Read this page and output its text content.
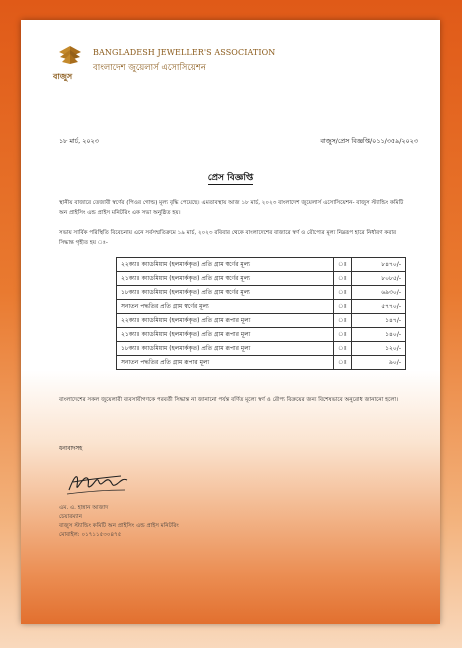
বাজুস
BANGLADESH JEWELLER'S ASSOCIATION
বাংলাদেশ জুয়েলার্স এসোসিয়েশন
১৮ মার্চ, ২০২৩	বাজুস/প্রেস বিজ্ঞপ্তি/০১১/৩৫৯/২০২৩
প্রেস বিজ্ঞপ্তি

স্থানীয় বাজারে তেজাবী স্বর্ণের (পিওর গোল্ড) মূল্য বৃদ্ধি পেয়েছে। এমতাবস্থায় আজ ১৮ মার্চ, ২০২৩ বাংলাদেশ জুয়েলার্স এসোসিয়েশন- বাজুস স্ট্যান্ডিং কমিটি অন প্রাইসিং এন্ড প্রাইস মনিটরিং এক সভা অনুষ্ঠিত হয়।

সভায় সার্বিক পরিস্থিতি বিবেচনায় এনে সর্বসম্মতিক্রমে ১৯ মার্চ, ২০২৩ রবিবার থেকে বাংলাদেশের বাজারে স্বর্ণ ও রৌপ্যের মূল্য নিম্নরূপ হারে নির্ধারণ করার সিদ্ধান্ত গৃহীত হয় ঃ-

২২ক্যাঃ ক্যাডমিয়াম (হলমার্ককৃত) প্রতি গ্রাম স্বর্ণের মূল্য	ঃ	৮৪৭০/-
২১ক্যাঃ ক্যাডমিয়াম (হলমার্ককৃত) প্রতি গ্রাম স্বর্ণের মূল্য	ঃ	৮০৮৫/-
১৮ক্যাঃ ক্যাডমিয়াম (হলমার্ককৃত) প্রতি গ্রাম স্বর্ণের মূল্য	ঃ	৬৯৩০/-
সনাতন পদ্ধতির প্রতি গ্রাম স্বর্ণের মূল্য	ঃ	৫৭৭০/-
২২ক্যাঃ ক্যাডমিয়াম (হলমার্ককৃত) প্রতি গ্রাম রূপার মূল্য	ঃ	১৪৭/-
২১ক্যাঃ ক্যাডমিয়াম (হলমার্ককৃত) প্রতি গ্রাম রূপার মূল্য	ঃ	১৪০/-
১৮ক্যাঃ ক্যাডমিয়াম (হলমার্ককৃত) প্রতি গ্রাম রূপার মূল্য	ঃ	১২০/-
সনাতন পদ্ধতির প্রতি গ্রাম রূপার মূল্য	ঃ	৯০/-

বাংলাদেশের সকল জুয়েলারী ব্যবসায়ীগণকে পরবর্তী সিদ্ধান্ত না জানানো পর্যন্ত বর্ণিত মূল্যে স্বর্ণ ও রৌপ্য বিক্রয়ের জন্য বিশেষভাবে অনুরোধ জানানো হলো।

ধন্যবাদসহ
এম. এ. হান্নান আজাদ
চেয়ারম্যান
বাজুস স্ট্যান্ডিং কমিটি অন প্রাইসিং এন্ড প্রাইস মনিটরিং
মোবাইল: ০১৭১১৫৩০৪৭৫
